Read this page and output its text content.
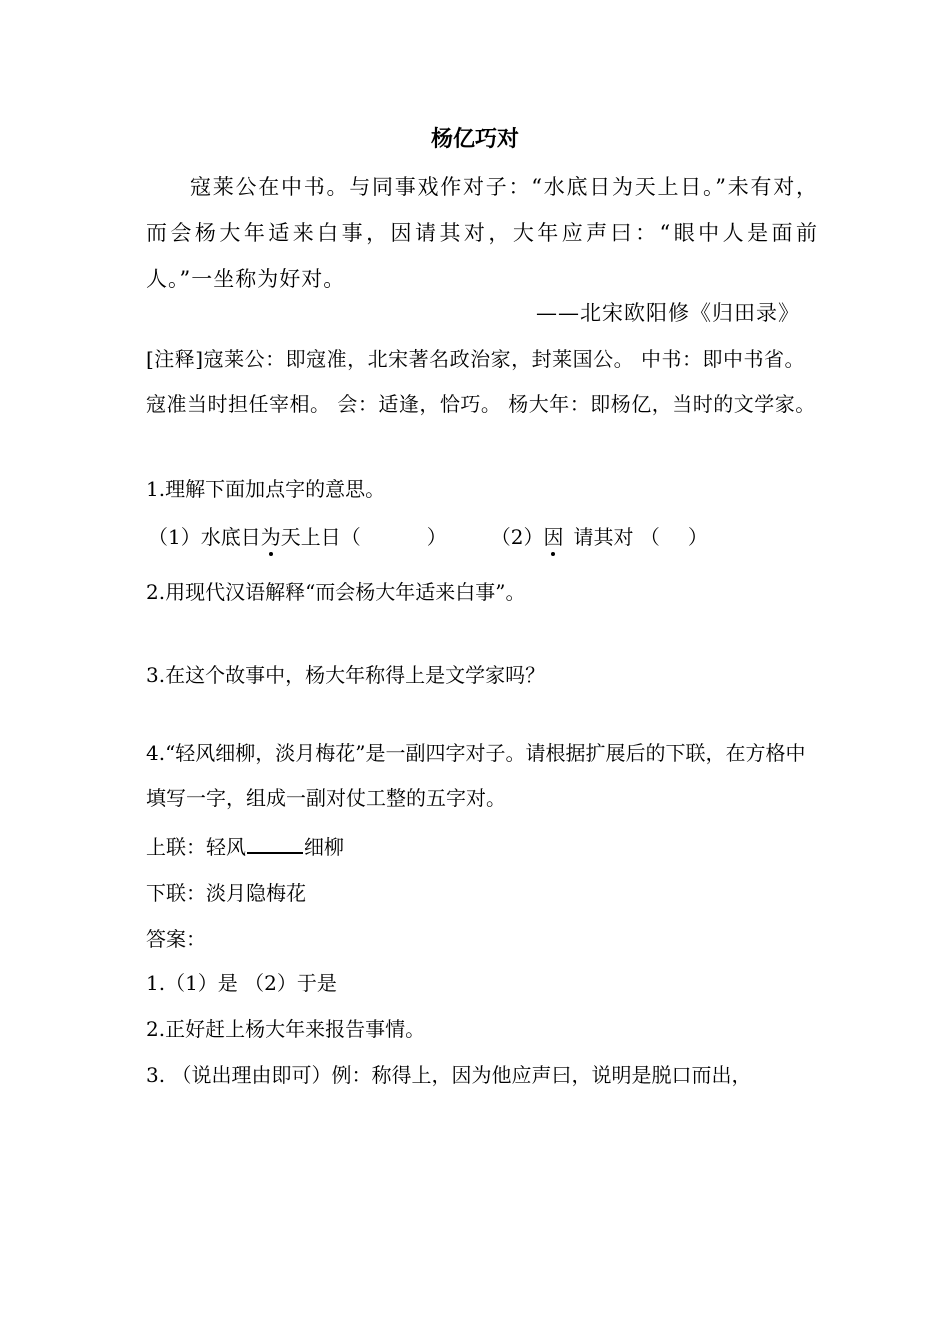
杨亿巧对
寇莱公在中书。与同事戏作对子：“水底日为天上日。”未有对，而会杨大年适来白事，因请其对，大年应声曰：“眼中人是面前人。”一坐称为好对。
——北宋欧阳修《归田录》
[注释]寇莱公：即寇准，北宋著名政治家，封莱国公。 中书：即中书省。寇准当时担任宰相。 会：适逢，恰巧。 杨大年：即杨亿，当时的文学家。
1.理解下面加点字的意思。
（1）水底日为天上日（	） （2）因 请其对 （ ）
2.用现代汉语解释“而会杨大年适来白事”。
3.在这个故事中，杨大年称得上是文学家吗？
4.“轻风细柳，淡月梅花”是一副四字对子。请根据扩展后的下联，在方格中填写一字，组成一副对仗工整的五字对。
上联：轻风	细柳
下联：淡月隐梅花
答案：
1.（1）是 （2）于是
2.正好赶上杨大年来报告事情。
3. （说出理由即可）例：称得上，因为他应声曰，说明是脱口而出，
